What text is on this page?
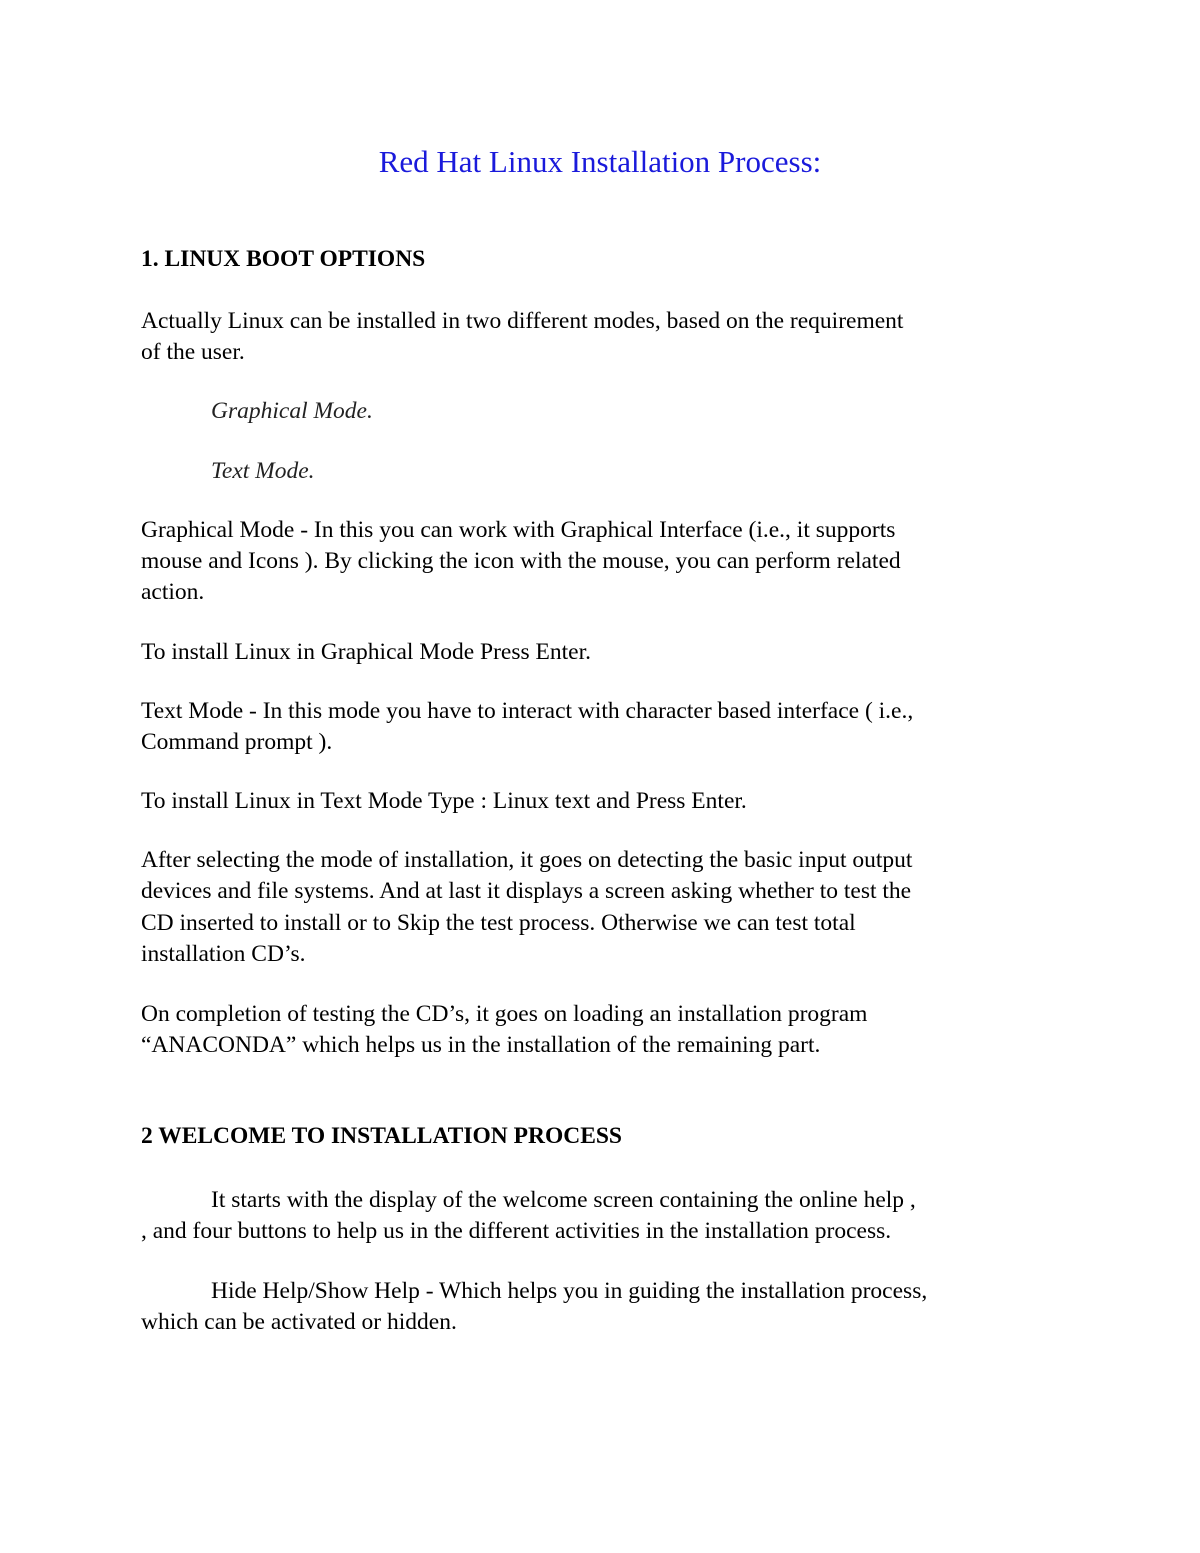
Red Hat Linux Installation Process:

1. LINUX BOOT OPTIONS

Actually Linux can be installed in two different modes, based on the requirement

of the user.

Graphical Mode.

Text Mode.

Graphical Mode - In this you can work with Graphical Interface (i.e., it supports

mouse and Icons ). By clicking the icon with the mouse, you can perform related

action.

To install Linux in Graphical Mode Press Enter.

Text Mode - In this mode you have to interact with character based interface ( i.e.,

Command prompt ).

To install Linux in Text Mode Type : Linux text and Press Enter.

After selecting the mode of installation, it goes on detecting the basic input output

devices and file systems. And at last it displays a screen asking whether to test the

CD inserted to install or to Skip the test process. Otherwise we can test total

installation CD’s.

On completion of testing the CD’s, it goes on loading an installation program

“ANACONDA” which helps us in the installation of the remaining part.

2 WELCOME TO INSTALLATION PROCESS

It starts with the display of the welcome screen containing the online help ,

, and four buttons to help us in the different activities in the installation process.

Hide Help/Show Help - Which helps you in guiding the installation process,

which can be activated or hidden.
